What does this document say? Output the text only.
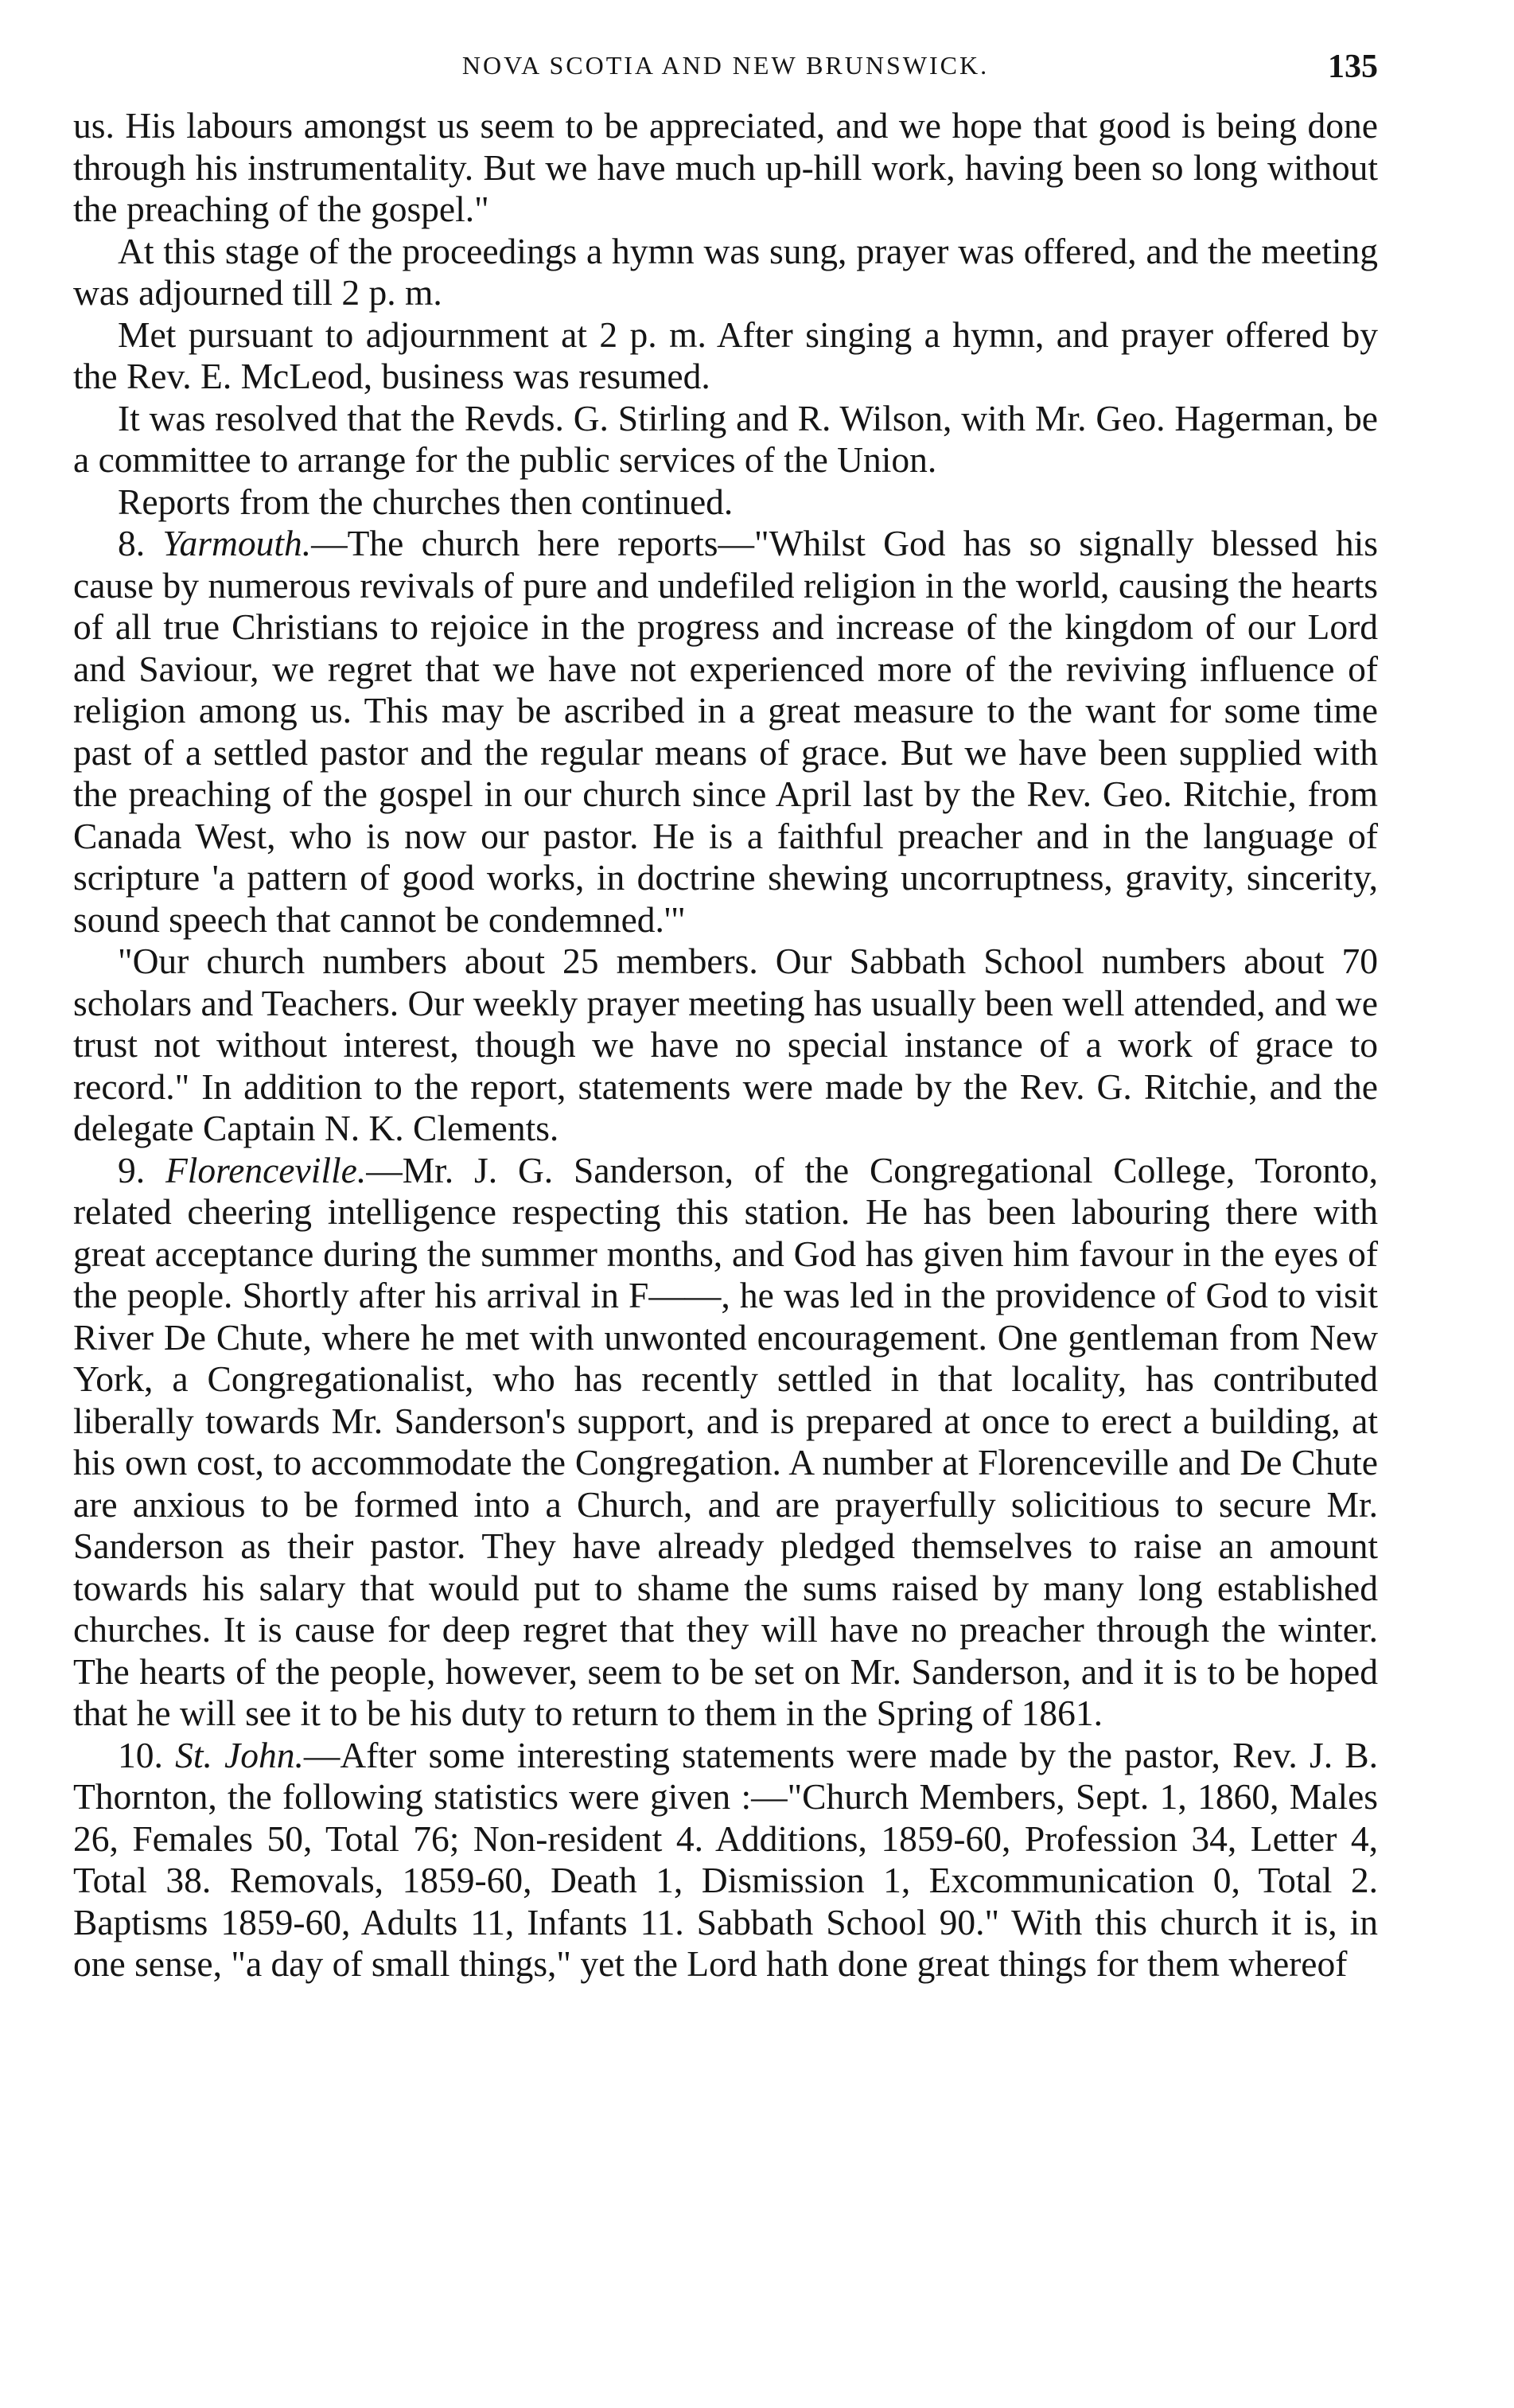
NOVA SCOTIA AND NEW BRUNSWICK.	135

us. His labours amongst us seem to be appreciated, and we hope that good is being done through his instrumentality. But we have much up-hill work, having been so long without the preaching of the gospel."

At this stage of the proceedings a hymn was sung, prayer was offered, and the meeting was adjourned till 2 p. m.

Met pursuant to adjournment at 2 p. m. After singing a hymn, and prayer offered by the Rev. E. McLeod, business was resumed.

It was resolved that the Revds. G. Stirling and R. Wilson, with Mr. Geo. Hagerman, be a committee to arrange for the public services of the Union.

Reports from the churches then continued.

8. Yarmouth.—The church here reports—"Whilst God has so signally blessed his cause by numerous revivals of pure and undefiled religion in the world, causing the hearts of all true Christians to rejoice in the progress and increase of the kingdom of our Lord and Saviour, we regret that we have not experienced more of the reviving influence of religion among us. This may be ascribed in a great measure to the want for some time past of a settled pastor and the regular means of grace. But we have been supplied with the preaching of the gospel in our church since April last by the Rev. Geo. Ritchie, from Canada West, who is now our pastor. He is a faithful preacher and in the language of scripture 'a pattern of good works, in doctrine shewing uncorruptness, gravity, sincerity, sound speech that cannot be condemned.'"

"Our church numbers about 25 members. Our Sabbath School numbers about 70 scholars and Teachers. Our weekly prayer meeting has usually been well attended, and we trust not without interest, though we have no special instance of a work of grace to record." In addition to the report, statements were made by the Rev. G. Ritchie, and the delegate Captain N. K. Clements.

9. Florenceville.—Mr. J. G. Sanderson, of the Congregational College, Toronto, related cheering intelligence respecting this station. He has been labouring there with great acceptance during the summer months, and God has given him favour in the eyes of the people. Shortly after his arrival in F——, he was led in the providence of God to visit River De Chute, where he met with unwonted encouragement. One gentleman from New York, a Congregationalist, who has recently settled in that locality, has contributed liberally towards Mr. Sanderson's support, and is prepared at once to erect a building, at his own cost, to accommodate the Congregation. A number at Florenceville and De Chute are anxious to be formed into a Church, and are prayerfully solicitious to secure Mr. Sanderson as their pastor. They have already pledged themselves to raise an amount towards his salary that would put to shame the sums raised by many long established churches. It is cause for deep regret that they will have no preacher through the winter. The hearts of the people, however, seem to be set on Mr. Sanderson, and it is to be hoped that he will see it to be his duty to return to them in the Spring of 1861.

10. St. John.—After some interesting statements were made by the pastor, Rev. J. B. Thornton, the following statistics were given :—"Church Members, Sept. 1, 1860, Males 26, Females 50, Total 76; Non-resident 4. Additions, 1859-60, Profession 34, Letter 4, Total 38. Removals, 1859-60, Death 1, Dismission 1, Excommunication 0, Total 2. Baptisms 1859-60, Adults 11, Infants 11. Sabbath School 90." With this church it is, in one sense, "a day of small things," yet the Lord hath done great things for them whereof
